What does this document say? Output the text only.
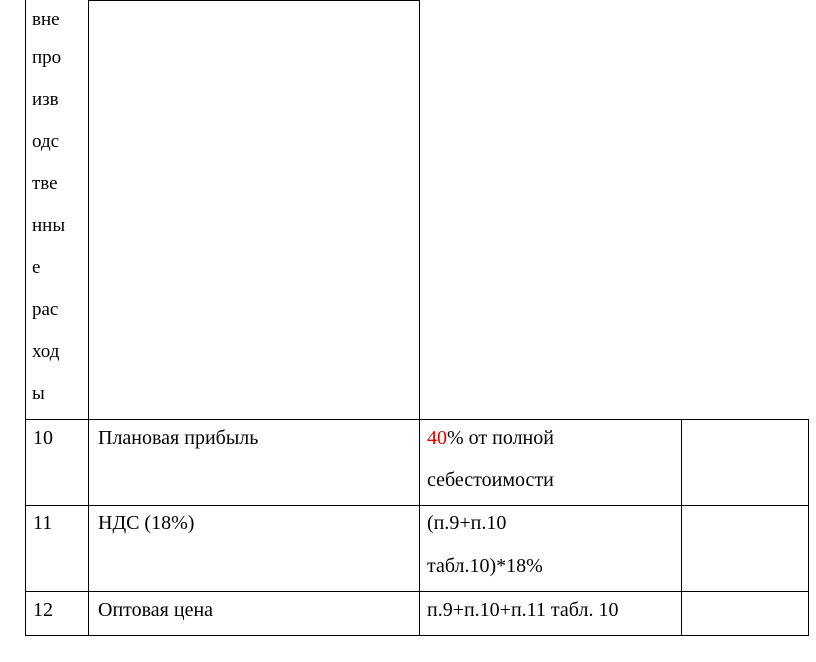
вне
про
изв
одс
тве
нны
е
рас
ход
ы
10 Плановая прибыль	40% от полной
себестоимости
11 НДС (18%)	(п.9+п.10
табл.10)*18%
12 Оптовая цена	п.9+п.10+п.11 табл. 10
